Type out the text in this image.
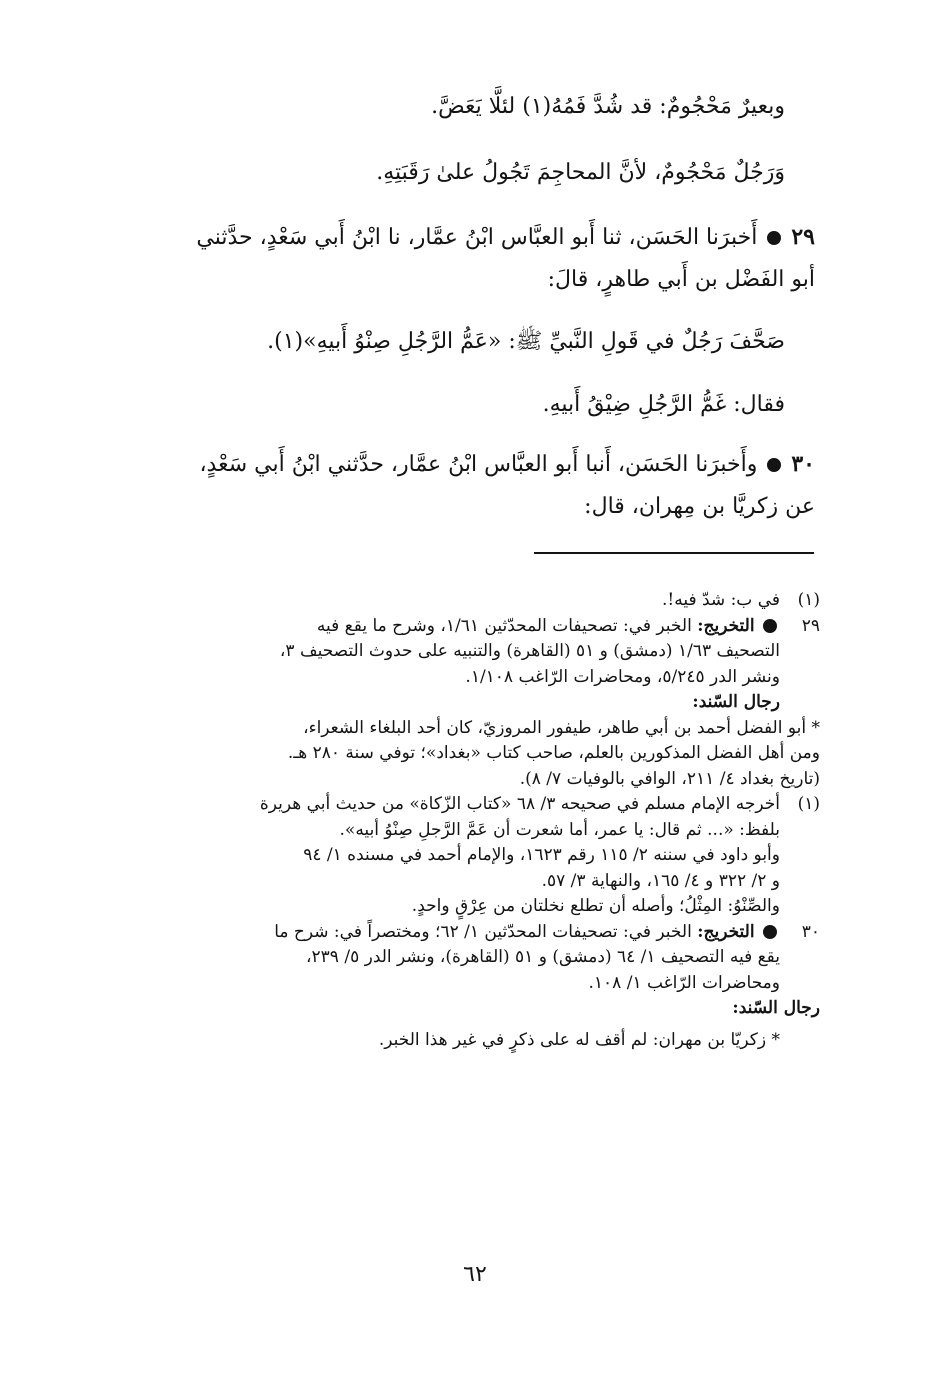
وبعيرٌ مَحْجُومٌ: قد شُدَّ فَمُهُ(١) لئلَّا يَعَضَّ.

وَرَجُلٌ مَحْجُومٌ، لأنَّ المحاجِمَ تَجُولُ علىٰ رَقَبَتِهِ.

٢٩  أَخبرَنا الحَسَن، ثنا أَبو العبَّاس ابْنُ عمَّار، نا ابْنُ أَبي سَعْدٍ، حدَّثني

أبو الفَضْل بن أَبي طاهرٍ، قالَ:

صَحَّفَ رَجُلٌ في قَولِ النَّبيِّ ﷺ: «عَمُّ الرَّجُلِ صِنْوُ أَبيهِ»(١).

فقال: غَمُّ الرَّجُلِ ضِيْقُ أَبيهِ.

٣٠  وأَخبرَنا الحَسَن، أَنبا أَبو العبَّاس ابْنُ عمَّار، حدَّثني ابْنُ أَبي سَعْدٍ،

عن زكريَّا بن مِهران، قال:

(١)في ب: شدّ فيه!.

٢٩ التخريج: الخبر في: تصحيفات المحدّثين ١/٦١، وشرح ما يقع فيه

التصحيف ١/٦٣ (دمشق) و ٥١ (القاهرة) والتنبيه على حدوث التصحيف ٣،

ونشر الدر ٥/٢٤٥، ومحاضرات الرّاغب ١/١٠٨.

رجال السّند:

* أبو الفضل أحمد بن أبي طاهر، طيفور المروزيّ، كان أحد البلغاء الشعراء،

ومن أهل الفضل المذكورين بالعلم، صاحب كتاب «بغداد»؛ توفي سنة ٢٨٠ هـ.

(تاريخ بغداد ٤/ ٢١١، الوافي بالوفيات ٧/ ٨).

(١)أخرجه الإمام مسلم في صحيحه ٣/ ٦٨ «كتاب الزّكاة» من حديث أبي هريرة

بلفظ: «... ثم قال: يا عمر، أما شعرت أن عَمَّ الرَّجلِ صِنْوُ أبيه».

وأبو داود في سننه ٢/ ١١٥ رقم ١٦٢٣، والإمام أحمد في مسنده ١/ ٩٤

و ٢/ ٣٢٢ و ٤/ ١٦٥، والنهاية ٣/ ٥٧.

والصِّنْوُ: المِثْلُ؛ وأصله أن تطلع نخلتان من عِرْقٍ واحدٍ.

٣٠ التخريج: الخبر في: تصحيفات المحدّثين ١/ ٦٢؛ ومختصراً في: شرح ما

يقع فيه التصحيف ١/ ٦٤ (دمشق) و ٥١ (القاهرة)، ونشر الدر ٥/ ٢٣٩،

ومحاضرات الرّاغب ١/ ١٠٨.

رجال السّند:

* زكريّا بن مهران: لم أقف له على ذكرٍ في غير هذا الخبر.

٦٢
